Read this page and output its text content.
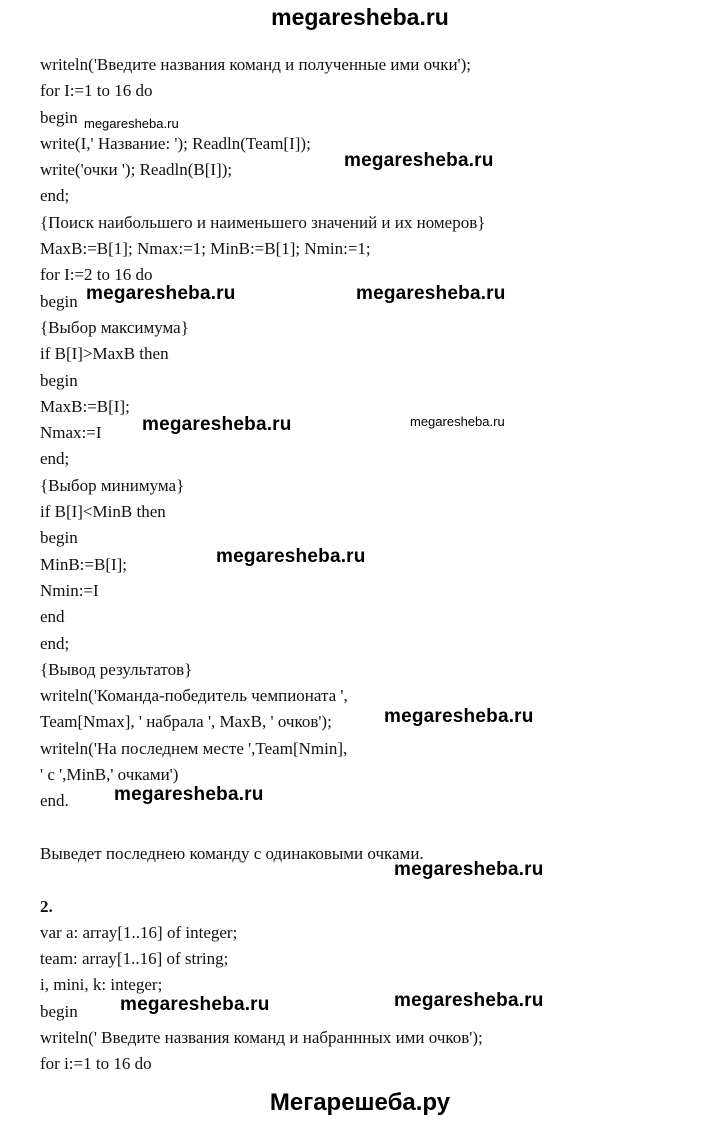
megaresheba.ru
writeln('Введите названия команд и полученные ими очки');
for I:=1 to 16 do
begin
write(I,' Название: '); Readln(Team[I]);
write('очки '); Readln(B[I]);
end;
{Поиск наибольшего и наименьшего значений и их номеров}
MaxB:=B[1]; Nmax:=1; MinB:=B[1]; Nmin:=1;
for I:=2 to 16 do
begin
{Выбор максимума}
if B[I]>MaxB then
begin
MaxB:=B[I];
Nmax:=I
end;
{Выбор минимума}
if B[I]<MinB then
begin
MinB:=B[I];
Nmin:=I
end
end;
{Вывод результатов}
writeln('Команда-победитель чемпионата ',
Team[Nmax], ' набрала ', MaxB, ' очков');
writeln('На последнем месте ',Team[Nmin],
' с ',MinB,' очками')
end.
Выведет последнею команду с одинаковыми очками.
2.
var a: array[1..16] of integer;
team: array[1..16] of string;
i, mini, k: integer;
begin
writeln(' Введите названия команд и набраннных ими очков');
for i:=1 to 16 do
megaresheba.ru
megaresheba.ru
megaresheba.ru	megaresheba.ru
megaresheba.ru	megaresheba.ru
megaresheba.ru
megaresheba.ru
megaresheba.ru
megaresheba.ru
megaresheba.ru	megaresheba.ru
Мегарешеба.ру
